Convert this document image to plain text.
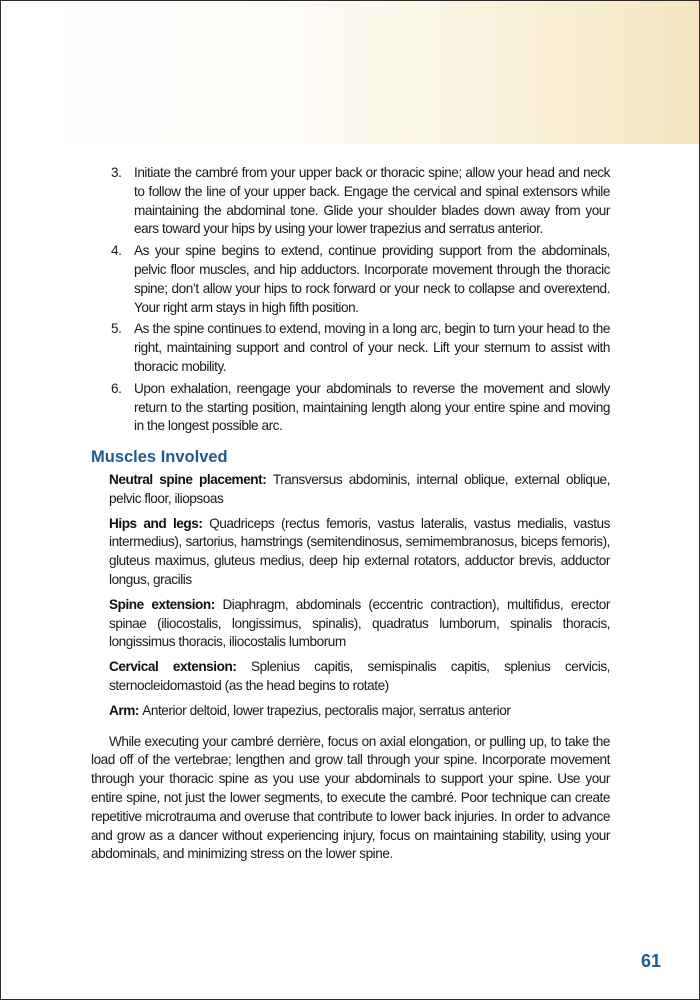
3. Initiate the cambré from your upper back or thoracic spine; allow your head and neck to follow the line of your upper back. Engage the cervical and spinal extensors while maintaining the abdominal tone. Glide your shoulder blades down away from your ears toward your hips by using your lower trapezius and serratus anterior.
4. As your spine begins to extend, continue providing support from the abdominals, pelvic floor muscles, and hip adductors. Incorporate movement through the thoracic spine; don’t allow your hips to rock forward or your neck to collapse and overextend. Your right arm stays in high fifth position.
5. As the spine continues to extend, moving in a long arc, begin to turn your head to the right, maintaining support and control of your neck. Lift your sternum to assist with thoracic mobility.
6. Upon exhalation, reengage your abdominals to reverse the movement and slowly return to the starting position, maintaining length along your entire spine and moving in the longest possible arc.
Muscles Involved
Neutral spine placement: Transversus abdominis, internal oblique, external oblique, pelvic floor, iliopsoas
Hips and legs: Quadriceps (rectus femoris, vastus lateralis, vastus medialis, vastus intermedius), sartorius, hamstrings (semitendinosus, semimembranosus, biceps femoris), gluteus maximus, gluteus medius, deep hip external rotators, adductor brevis, adductor longus, gracilis
Spine extension: Diaphragm, abdominals (eccentric contraction), multifidus, erector spinae (iliocostalis, longissimus, spinalis), quadratus lumborum, spinalis thoracis, longissimus thoracis, iliocostalis lumborum
Cervical extension: Splenius capitis, semispinalis capitis, splenius cervicis, sternocleidomastoid (as the head begins to rotate)
Arm: Anterior deltoid, lower trapezius, pectoralis major, serratus anterior

While executing your cambré derrière, focus on axial elongation, or pulling up, to take the load off of the vertebrae; lengthen and grow tall through your spine. Incorporate movement through your thoracic spine as you use your abdominals to support your spine. Use your entire spine, not just the lower segments, to execute the cambré. Poor technique can create repetitive microtrauma and overuse that contribute to lower back injuries. In order to advance and grow as a dancer without experiencing injury, focus on maintaining stability, using your abdominals, and minimizing stress on the lower spine.

61
